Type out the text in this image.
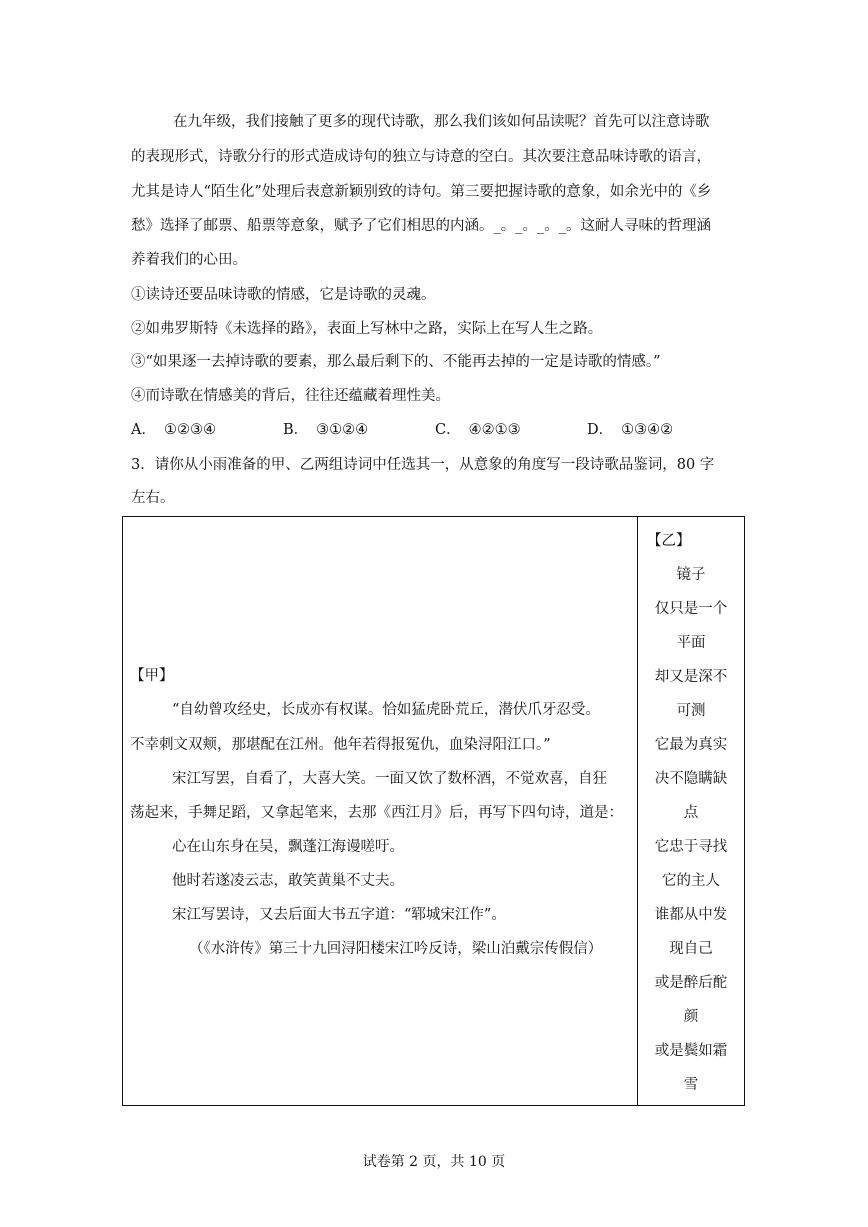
在九年级，我们接触了更多的现代诗歌，那么我们该如何品读呢？首先可以注意诗歌
的表现形式，诗歌分行的形式造成诗句的独立与诗意的空白。其次要注意品味诗歌的语言，
尤其是诗人“陌生化”处理后表意新颖别致的诗句。第三要把握诗歌的意象，如余光中的《乡
愁》选择了邮票、船票等意象，赋予了它们相思的内涵。_。_。_。_。这耐人寻味的哲理涵
养着我们的心田。
①读诗还要品味诗歌的情感，它是诗歌的灵魂。
②如弗罗斯特《未选择的路》，表面上写林中之路，实际上在写人生之路。
③“如果逐一去掉诗歌的要素，那么最后剩下的、不能再去掉的一定是诗歌的情感。”
④而诗歌在情感美的背后，往往还蕴藏着理性美。
A． ①②③④	B． ③①②④	C． ④②①③	D． ①③④②
3．请你从小雨准备的甲、乙两组诗词中任选其一，从意象的角度写一段诗歌品鉴词，80 字
左右。
【甲】
“自幼曾攻经史，长成亦有权谋。恰如猛虎卧荒丘，潜伏爪牙忍受。
不幸刺文双颊，那堪配在江州。他年若得报冤仇，血染浔阳江口。”
宋江写罢，自看了，大喜大笑。一面又饮了数杯酒，不觉欢喜，自狂
荡起来，手舞足蹈，又拿起笔来，去那《西江月》后，再写下四句诗，道是：
心在山东身在吴，飘蓬江海谩嗟吁。
他时若遂凌云志，敢笑黄巢不丈夫。
宋江写罢诗，又去后面大书五字道：“郓城宋江作”。
（《水浒传》第三十九回浔阳楼宋江吟反诗，梁山泊戴宗传假信）
【乙】
镜子
仅只是一个
平面
却又是深不
可测
它最为真实
决不隐瞒缺
点
它忠于寻找
它的主人
谁都从中发
现自己
或是醉后酡
颜
或是鬓如霜
雪
试卷第 2 页，共 10 页
